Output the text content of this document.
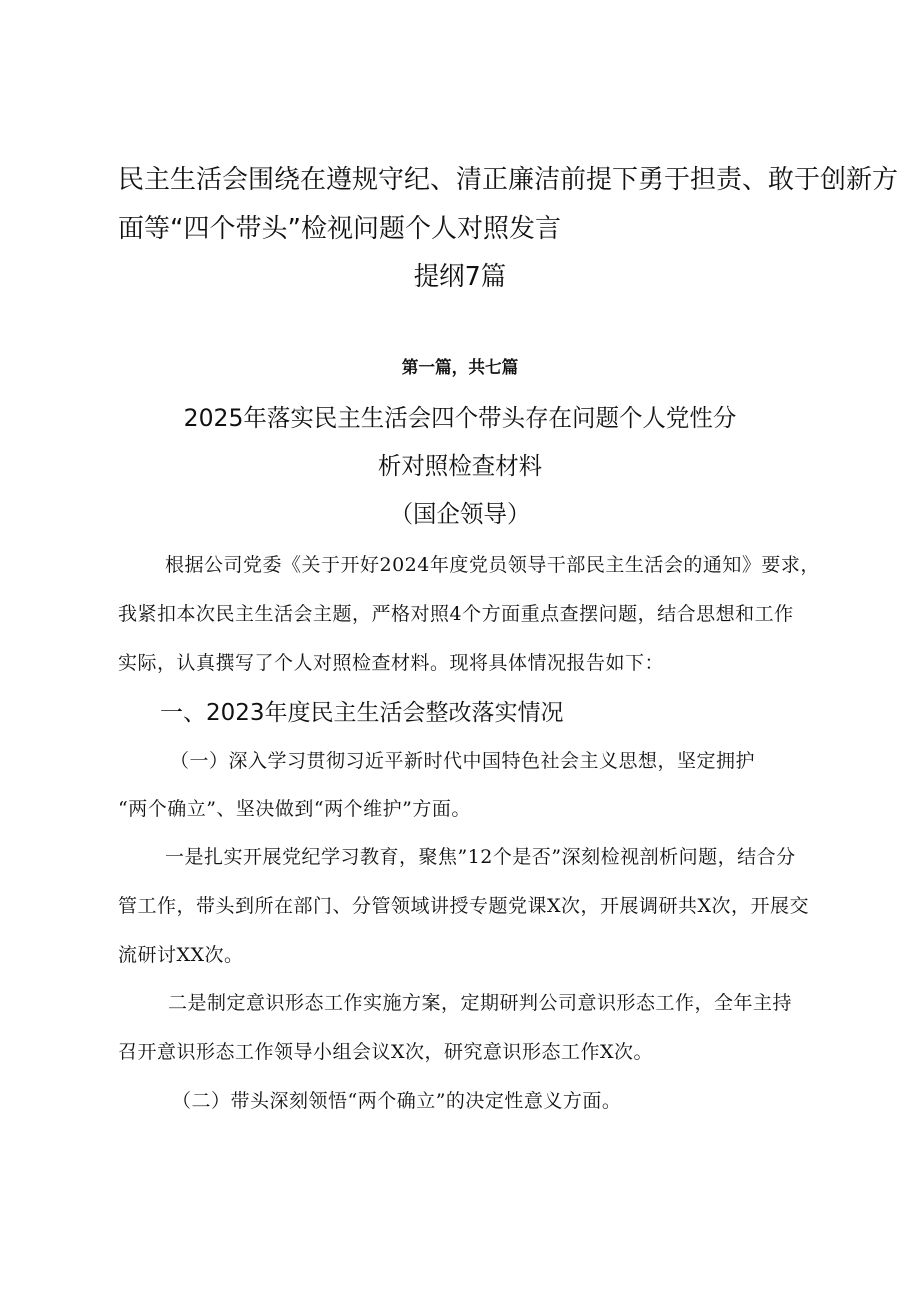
民主生活会围绕在遵规守纪、清正廉洁前提下勇于担责、敢于创新方
面等“四个带头”检视问题个人对照发言
提纲7篇
第一篇，共七篇
2025年落实民主生活会四个带头存在问题个人党性分
析对照检查材料
（国企领导）
根据公司党委《关于开好2024年度党员领导干部民主生活会的通知》要求，
我紧扣本次民主生活会主题，严格对照4个方面重点查摆问题，结合思想和工作
实际，认真撰写了个人对照检查材料。现将具体情况报告如下：
一、2023年度民主生活会整改落实情况
（一）深入学习贯彻习近平新时代中国特色社会主义思想，坚定拥护
“两个确立”、坚决做到“两个维护”方面。
一是扎实开展党纪学习教育，聚焦”12个是否”深刻检视剖析问题，结合分
管工作，带头到所在部门、分管领域讲授专题党课X次，开展调研共X次，开展交
流研讨XX次。
二是制定意识形态工作实施方案，定期研判公司意识形态工作，全年主持
召开意识形态工作领导小组会议X次，研究意识形态工作X次。
（二）带头深刻领悟“两个确立”的决定性意义方面。
